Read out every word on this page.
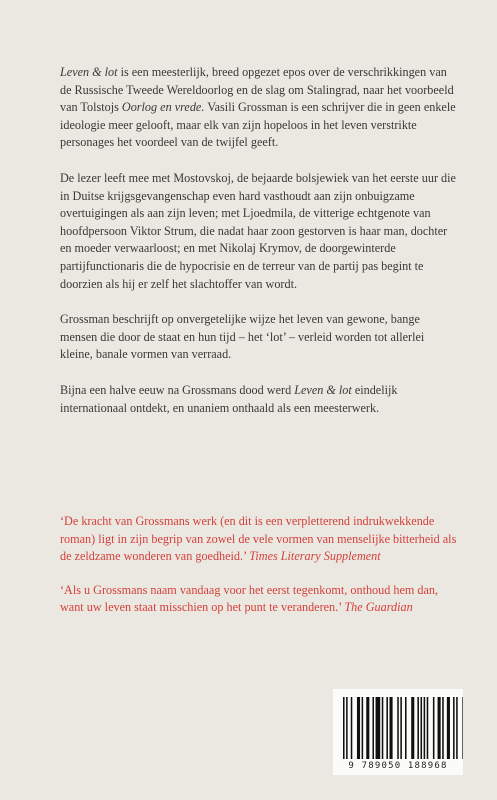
Leven & lot is een meesterlijk, breed opgezet epos over de verschrikkingen van de Russische Tweede Wereldoorlog en de slag om Stalingrad, naar het voorbeeld van Tolstojs Oorlog en vrede. Vasili Grossman is een schrijver die in geen enkele ideologie meer gelooft, maar elk van zijn hopeloos in het leven verstrikte personages het voordeel van de twijfel geeft.

De lezer leeft mee met Mostovskoj, de bejaarde bolsjewiek van het eerste uur die in Duitse krijgsgevangenschap even hard vasthoudt aan zijn onbuigzame overtuigingen als aan zijn leven; met Ljoedmila, de vitterige echtgenote van hoofdpersoon Viktor Strum, die nadat haar zoon gestorven is haar man, dochter en moeder verwaarloost; en met Nikolaj Krymov, de doorgewinterde partijfunctionaris die de hypocrisie en de terreur van de partij pas begint te doorzien als hij er zelf het slachtoffer van wordt.

Grossman beschrijft op onvergetelijke wijze het leven van gewone, bange mensen die door de staat en hun tijd – het ‘lot’ – verleid worden tot allerlei kleine, banale vormen van verraad.

Bijna een halve eeuw na Grossmans dood werd Leven & lot eindelijk internationaal ontdekt, en unaniem onthaald als een meesterwerk.

‘De kracht van Grossmans werk (en dit is een verpletterend indrukwekkende roman) ligt in zijn begrip van zowel de vele vormen van menselijke bitterheid als de zeldzame wonderen van goedheid.’ Times Literary Supplement

‘Als u Grossmans naam vandaag voor het eerst tegenkomt, onthoud hem dan, want uw leven staat misschien op het punt te veranderen.’ The Guardian

9 789050 188968
